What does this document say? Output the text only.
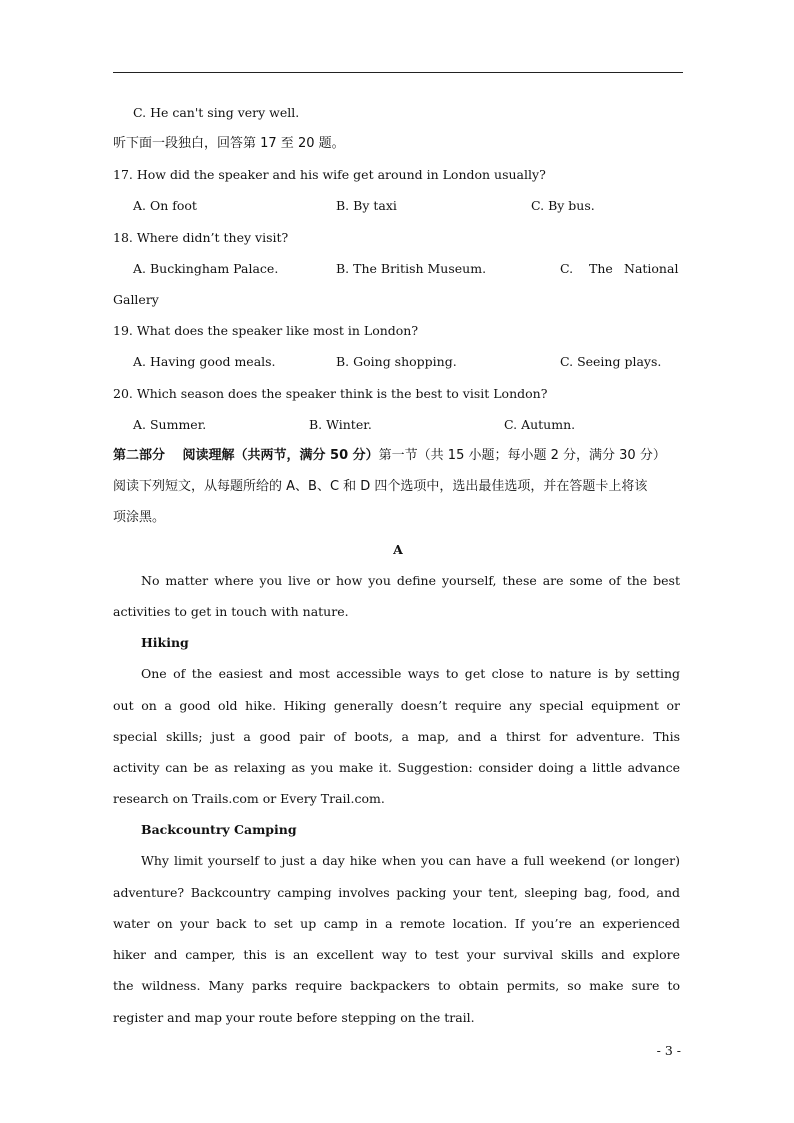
C. He can't sing very well.
听下面一段独白，回答第 17 至 20 题。
17. How did the speaker and his wife get around in London usually?
A. On foot	B. By taxi	C. By bus.
18. Where didn’t they visit?
A. Buckingham Palace.	B. The British Museum.	C. The National
Gallery
19. What does the speaker like most in London?
A. Having good meals.	B. Going shopping.	C. Seeing plays.
20. Which season does the speaker think is the best to visit London?
A. Summer.	B. Winter.	C. Autumn.
第二部分　 阅读理解（共两节，满分 50 分）第一节（共 15 小题；每小题 2 分，满分 30 分）
阅读下列短文，从每题所给的 A、B、C 和 D 四个选项中，选出最佳选项，并在答题卡上将该
项涂黑。
A
No matter where you live or how you define yourself, these are some of the best
activities to get in touch with nature.
Hiking
One of the easiest and most accessible ways to get close to nature is by setting
out on a good old hike. Hiking generally doesn’t require any special equipment or
special skills; just a good pair of boots, a map, and a thirst for adventure. This
activity can be as relaxing as you make it. Suggestion: consider doing a little advance
research on Trails.com or Every Trail.com.
Backcountry Camping
Why limit yourself to just a day hike when you can have a full weekend (or longer)
adventure? Backcountry camping involves packing your tent, sleeping bag, food, and
water on your back to set up camp in a remote location. If you’re an experienced
hiker and camper, this is an excellent way to test your survival skills and explore
the wildness. Many parks require backpackers to obtain permits, so make sure to
register and map your route before stepping on the trail.
- 3 -
